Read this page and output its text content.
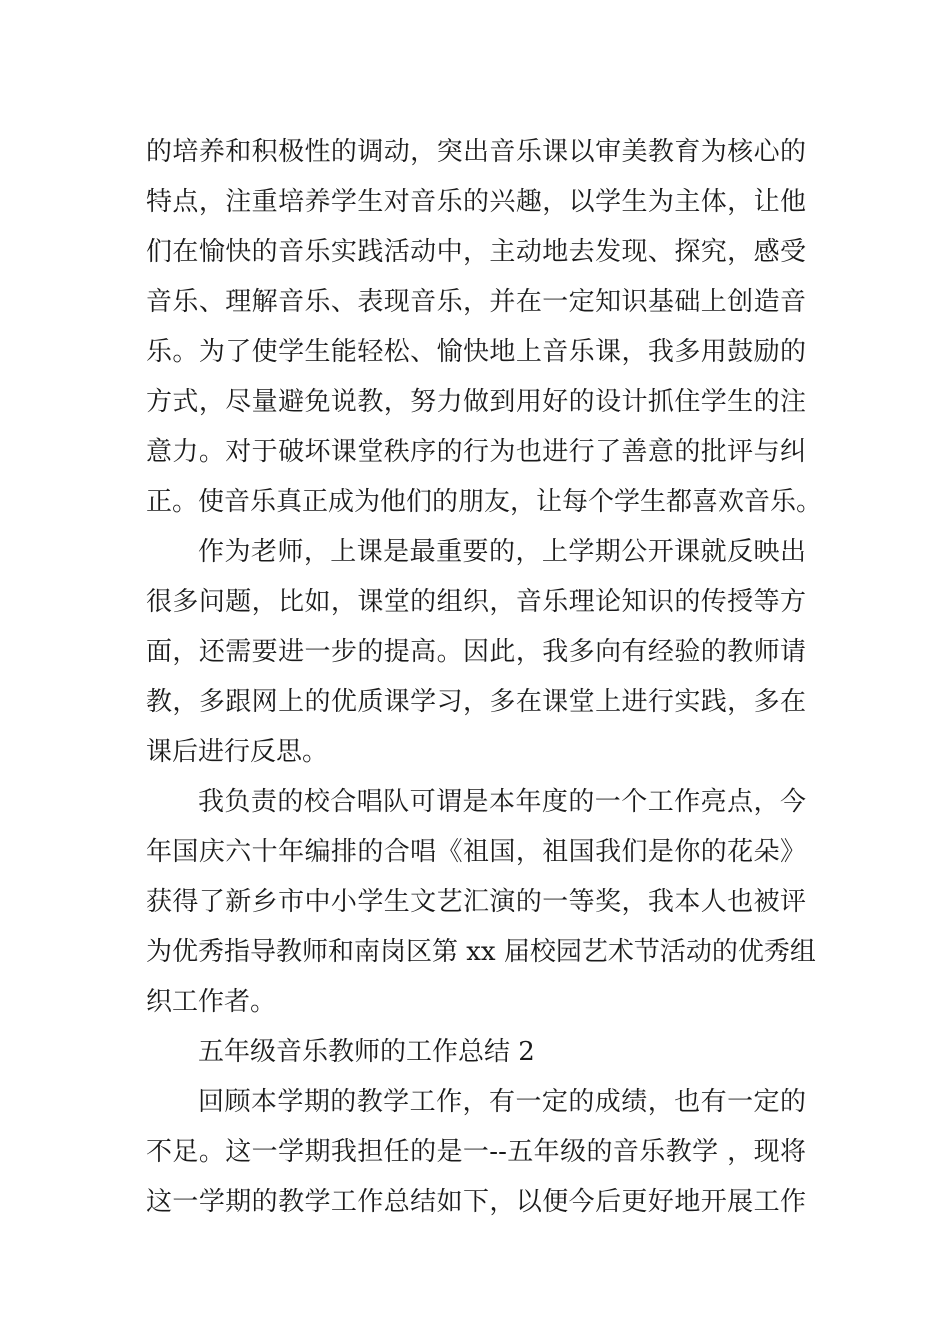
的培养和积极性的调动，突出音乐课以审美教育为核心的
特点，注重培养学生对音乐的兴趣，以学生为主体，让他
们在愉快的音乐实践活动中，主动地去发现、探究，感受
音乐、理解音乐、表现音乐，并在一定知识基础上创造音
乐。为了使学生能轻松、愉快地上音乐课，我多用鼓励的
方式，尽量避免说教，努力做到用好的设计抓住学生的注
意力。对于破坏课堂秩序的行为也进行了善意的批评与纠
正。使音乐真正成为他们的朋友，让每个学生都喜欢音乐。
作为老师，上课是最重要的，上学期公开课就反映出
很多问题，比如，课堂的组织，音乐理论知识的传授等方
面，还需要进一步的提高。因此，我多向有经验的教师请
教，多跟网上的优质课学习，多在课堂上进行实践，多在
课后进行反思。
我负责的校合唱队可谓是本年度的一个工作亮点，今
年国庆六十年编排的合唱《祖国，祖国我们是你的花朵》
获得了新乡市中小学生文艺汇演的一等奖，我本人也被评
为优秀指导教师和南岗区第 xx 届校园艺术节活动的优秀组
织工作者。
五年级音乐教师的工作总结 2
回顾本学期的教学工作，有一定的成绩，也有一定的
不足。这一学期我担任的是一--五年级的音乐教学 ，现将
这一学期的教学工作总结如下，以便今后更好地开展工作
